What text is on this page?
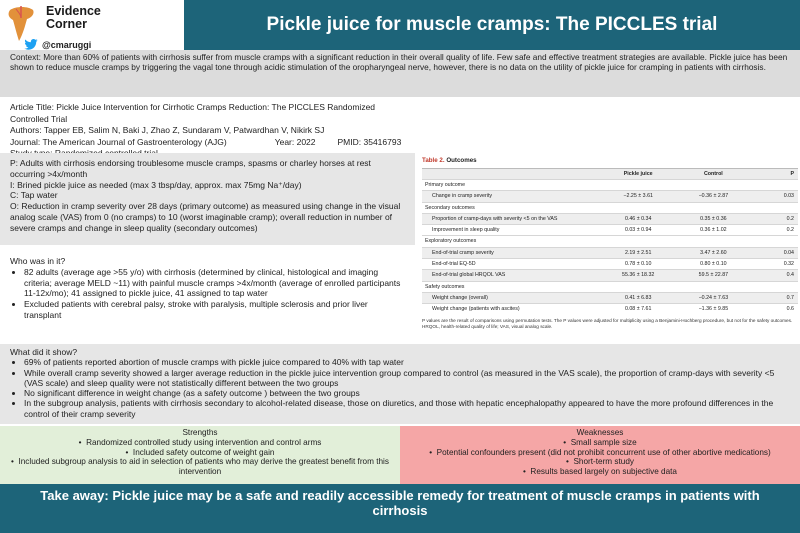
Evidence
Corner
@cmaruggi
Pickle juice for muscle cramps: The PICCLES trial

Context: More than 60% of patients with cirrhosis suffer from muscle cramps with a significant reduction in their overall quality of life. Few safe and effective treatment strategies are available. Pickle juice has been shown to reduce muscle cramps by triggering the vagal tone through acidic stimulation of the oropharyngeal nerve, however, there is no data on the utility of pickle juice for cramping in patients with cirrhosis.

Article Title: Pickle Juice Intervention for Cirrhotic Cramps Reduction: The PICCLES Randomized Controlled Trial
Authors: Tapper EB, Salim N, Baki J, Zhao Z, Sundaram V, Patwardhan V, Nikirk SJ
Journal: The American Journal of Gastroenterology (AJG)	Year: 2022	PMID: 35416793
P: Adults with cirrhosis endorsing troublesome muscle cramps, spasms or charley horses at rest occurring >4x/month
I: Brined pickle juice as needed (max 3 tbsp/day, approx. max 75mg Na⁺/day)
C: Tap water
O: Reduction in cramp severity over 28 days (primary outcome) as measured using change in the visual analog scale (VAS) from 0 (no cramps) to 10 (worst imaginable cramp); overall reduction in number of severe cramps and change in sleep quality (secondary outcomes)
Who was in it?
• 82 adults (average age >55 y/o) with cirrhosis (determined by clinical, histological and imaging criteria; average MELD ~11) with painful muscle cramps >4x/month (average of enrolled participants 11-12x/mo); 41 assigned to pickle juice, 41 assigned to tap water
• Excluded patients with cerebral palsy, stroke with paralysis, multiple sclerosis and prior liver transplant
Table 2. Outcomes
	Pickle juice	Control	P
Primary outcome			
Change in cramp severity	−2.25 ± 3.61	−0.36 ± 2.87	0.03
Secondary outcomes			
Proportion of cramp-days with severity <5 on the VAS	0.46 ± 0.34	0.35 ± 0.36	0.2
Improvement in sleep quality	0.03 ± 0.94	0.36 ± 1.02	0.2
Exploratory outcomes			
End-of-trial cramp severity	2.19 ± 2.51	3.47 ± 2.60	0.04
End-of-trial EQ-5D	0.78 ± 0.10	0.80 ± 0.10	0.32
End-of-trial global HRQOL VAS	55.36 ± 18.32	59.5 ± 22.87	0.4
Safety outcomes			
Weight change (overall)	0.41 ± 6.83	−0.24 ± 7.63	0.7
Weight change (patients with ascites)	0.08 ± 7.61	−1.36 ± 9.85	0.6
P values are the result of comparisons using permutation tests. The P values were adjusted for multiplicity using a Benjamini-Hochberg procedure, but not for the safety outcomes.
HRQOL, health-related quality of life; VAS, visual analog scale.
What did it show?
• 69% of patients reported abortion of muscle cramps with pickle juice compared to 40% with tap water
• While overall cramp severity showed a larger average reduction in the pickle juice intervention group compared to control (as measured in the VAS scale), the proportion of cramp-days with severity <5 (VAS scale) and sleep quality were not statistically different between the two groups
• No significant difference in weight change (as a safety outcome ) between the two groups
• In the subgroup analysis, patients with cirrhosis secondary to alcohol-related disease, those on diuretics, and those with hepatic encephalopathy appeared to have the more profound differences in the control of their cramp severity
Strengths
•  Randomized controlled study using intervention and control arms
•  Included safety outcome of weight gain
•  Included subgroup analysis to aid in selection of patients who may derive the greatest benefit from this intervention
Weaknesses
•  Small sample size
•  Potential confounders present (did not prohibit concurrent use of other abortive medications)
•  Short-term study
•  Results based largely on subjective data
Take away: Pickle juice may be a safe and readily accessible remedy for treatment of muscle cramps in patients with cirrhosis
